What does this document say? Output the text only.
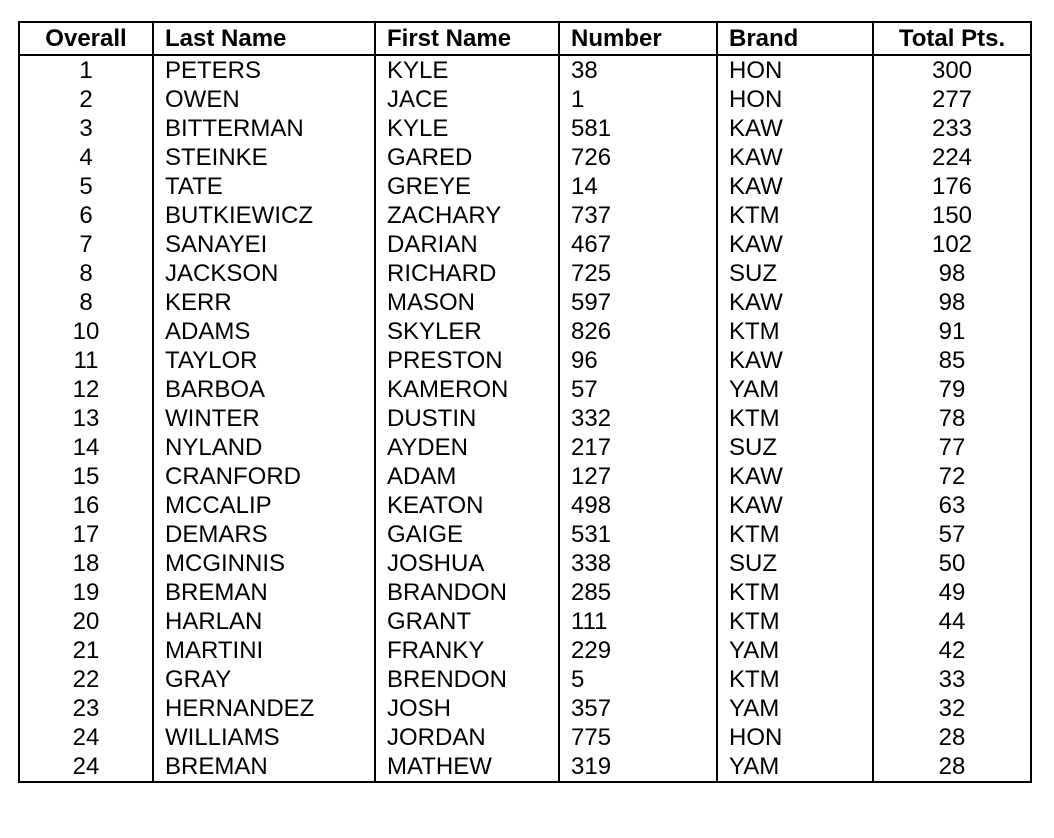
Overall	Last Name	First Name	Number	Brand	Total Pts.
1	PETERS	KYLE	38	HON	300
2	OWEN	JACE	1	HON	277
3	BITTERMAN	KYLE	581	KAW	233
4	STEINKE	GARED	726	KAW	224
5	TATE	GREYE	14	KAW	176
6	BUTKIEWICZ	ZACHARY	737	KTM	150
7	SANAYEI	DARIAN	467	KAW	102
8	JACKSON	RICHARD	725	SUZ	98
8	KERR	MASON	597	KAW	98
10	ADAMS	SKYLER	826	KTM	91
11	TAYLOR	PRESTON	96	KAW	85
12	BARBOA	KAMERON	57	YAM	79
13	WINTER	DUSTIN	332	KTM	78
14	NYLAND	AYDEN	217	SUZ	77
15	CRANFORD	ADAM	127	KAW	72
16	MCCALIP	KEATON	498	KAW	63
17	DEMARS	GAIGE	531	KTM	57
18	MCGINNIS	JOSHUA	338	SUZ	50
19	BREMAN	BRANDON	285	KTM	49
20	HARLAN	GRANT	111	KTM	44
21	MARTINI	FRANKY	229	YAM	42
22	GRAY	BRENDON	5	KTM	33
23	HERNANDEZ	JOSH	357	YAM	32
24	WILLIAMS	JORDAN	775	HON	28
24	BREMAN	MATHEW	319	YAM	28
